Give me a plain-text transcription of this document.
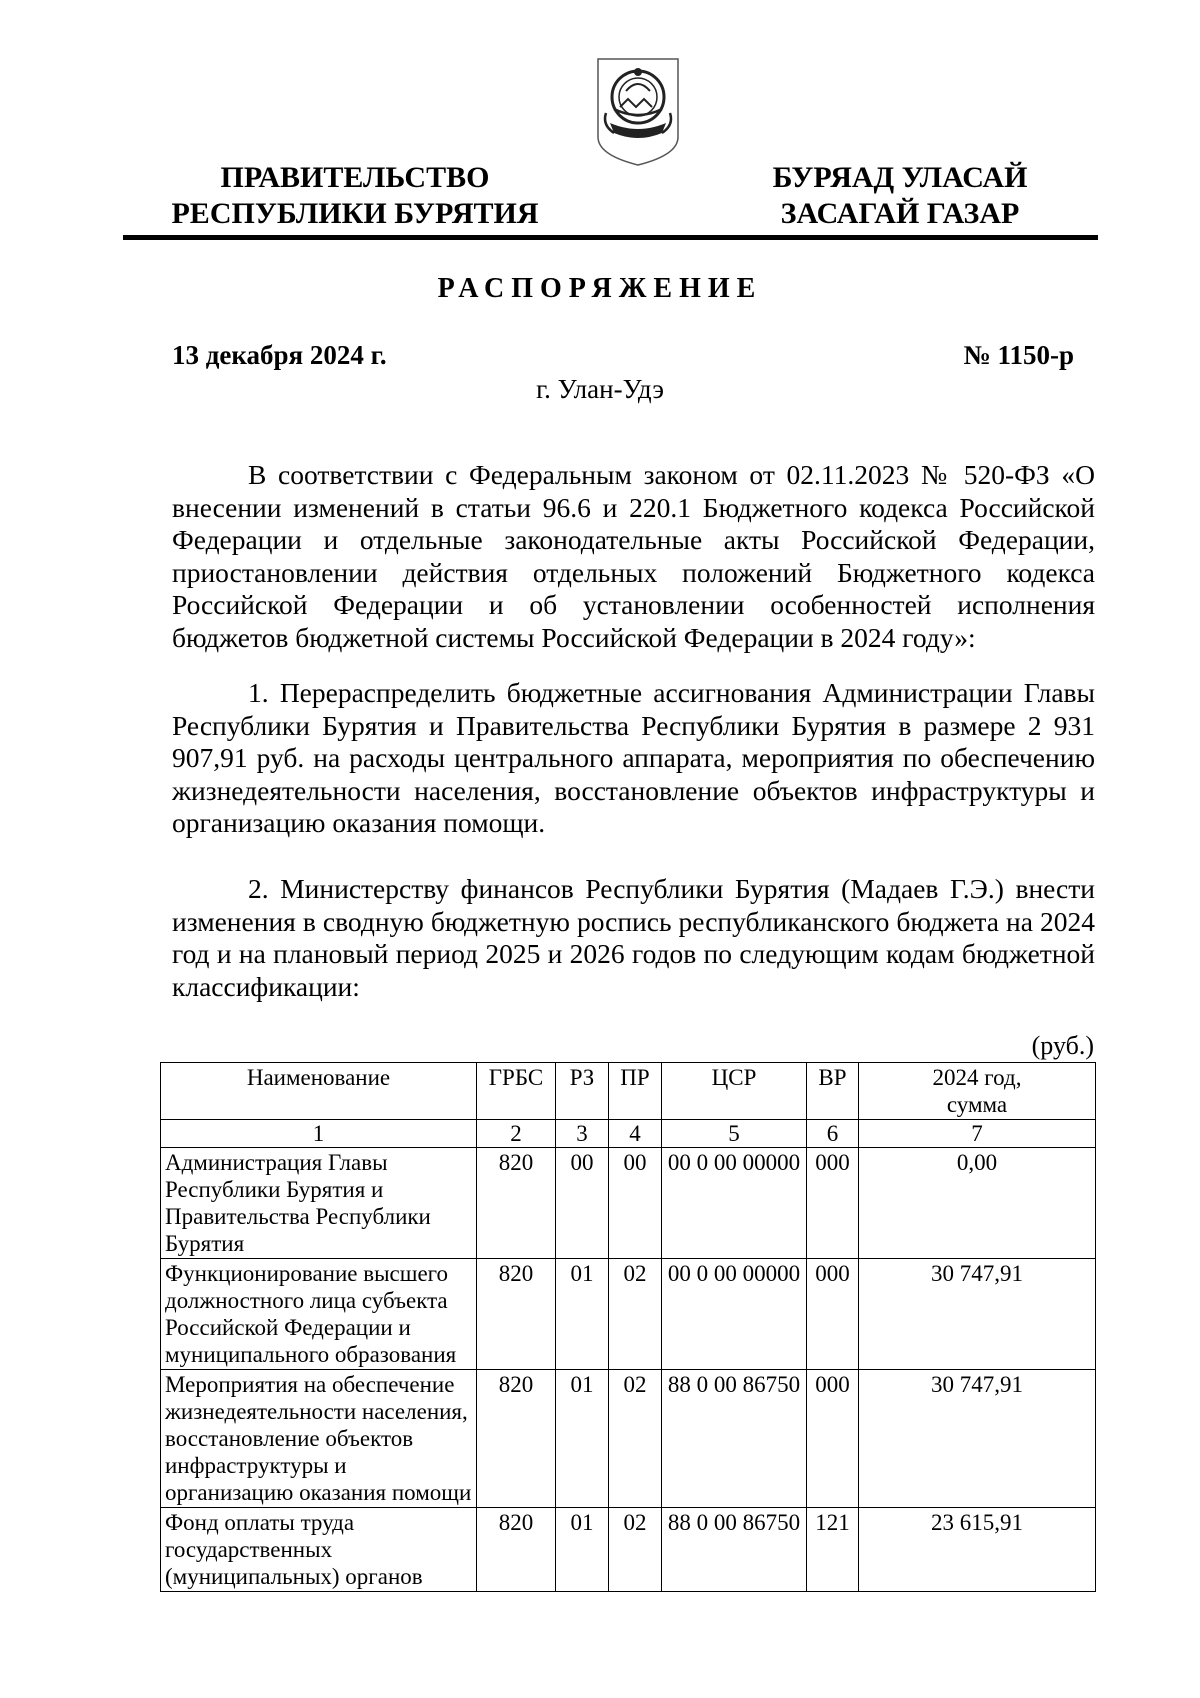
ПРАВИТЕЛЬСТВО
РЕСПУБЛИКИ БУРЯТИЯ
БУРЯАД УЛАСАЙ
ЗАСАГАЙ ГАЗАР
РАСПОРЯЖЕНИЕ
13 декабря 2024 г.	№ 1150-р
г. Улан-Удэ

В соответствии с Федеральным законом от 02.11.2023 № 520-ФЗ «О внесении изменений в статьи 96.6 и 220.1 Бюджетного кодекса Российской Федерации и отдельные законодательные акты Российской Федерации, приостановлении действия отдельных положений Бюджетного кодекса Российской Федерации и об установлении особенностей исполнения бюджетов бюджетной системы Российской Федерации в 2024 году»:

1. Перераспределить бюджетные ассигнования Администрации Главы Республики Бурятия и Правительства Республики Бурятия в размере 2 931 907,91 руб. на расходы центрального аппарата, мероприятия по обеспечению жизнедеятельности населения, восстановление объектов инфраструктуры и организацию оказания помощи.

2. Министерству финансов Республики Бурятия (Мадаев Г.Э.) внести изменения в сводную бюджетную роспись республиканского бюджета на 2024 год и на плановый период 2025 и 2026 годов по следующим кодам бюджетной классификации:

(руб.)
Наименование	ГРБС	РЗ	ПР	ЦСР	ВР	2024 год, сумма
1	2	3	4	5	6	7
Администрация Главы Республики Бурятия и Правительства Республики Бурятия	820	00	00	00 0 00 00000	000	0,00
Функционирование высшего должностного лица субъекта Российской Федерации и муниципального образования	820	01	02	00 0 00 00000	000	30 747,91
Мероприятия на обеспечение жизнедеятельности населения, восстановление объектов инфраструктуры и организацию оказания помощи	820	01	02	88 0 00 86750	000	30 747,91
Фонд оплаты труда государственных (муниципальных) органов	820	01	02	88 0 00 86750	121	23 615,91
